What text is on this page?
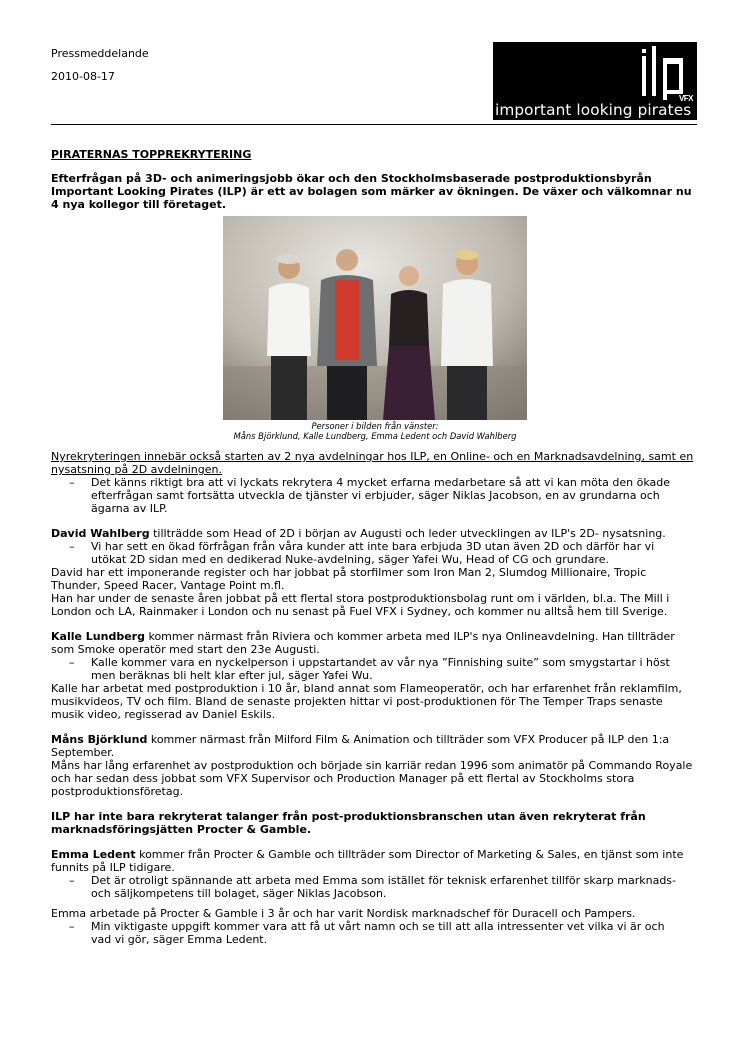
Pressmeddelande
2010-08-17
VFX
important looking pirates

PIRATERNAS TOPPREKRYTERING

Efterfrågan på 3D- och animeringsjobb ökar och den Stockholmsbaserade postproduktionsbyrån Important Looking Pirates (ILP) är ett av bolagen som märker av ökningen. De växer och välkomnar nu 4 nya kollegor till företaget.

Personer i bilden från vänster:
Måns Björklund, Kalle Lundberg, Emma Ledent och David Wahlberg

Nyrekryteringen innebär också starten av 2 nya avdelningar hos ILP, en Online- och en Marknadsavdelning, samt en nysatsning på 2D avdelningen.

–	Det känns riktigt bra att vi lyckats rekrytera 4 mycket erfarna medarbetare så att vi kan möta den ökade efterfrågan samt fortsätta utveckla de tjänster vi erbjuder, säger Niklas Jacobson, en av grundarna och ägarna av ILP.

David Wahlberg tillträdde som Head of 2D i början av Augusti och leder utvecklingen av ILP's 2D- nysatsning.

–	Vi har sett en ökad förfrågan från våra kunder att inte bara erbjuda 3D utan även 2D och därför har vi utökat 2D sidan med en dedikerad Nuke-avdelning, säger Yafei Wu, Head of CG och grundare.

David har ett imponerande register och har jobbat på storfilmer som Iron Man 2, Slumdog Millionaire, Tropic Thunder, Speed Racer, Vantage Point m.fl.

Han har under de senaste åren jobbat på ett flertal stora postproduktionsbolag runt om i världen, bl.a. The Mill i London och LA, Rainmaker i London och nu senast på Fuel VFX i Sydney, och kommer nu alltså hem till Sverige.

Kalle Lundberg kommer närmast från Riviera och kommer arbeta med ILP's nya Onlineavdelning. Han tillträder som Smoke operatör med start den 23e Augusti.

–	Kalle kommer vara en nyckelperson i uppstartandet av vår nya ”Finnishing suite” som smygstartar i höst men beräknas bli helt klar efter jul, säger Yafei Wu.

Kalle har arbetat med postproduktion i 10 år, bland annat som Flameoperatör, och har erfarenhet från reklamfilm, musikvideos, TV och film. Bland de senaste projekten hittar vi post-produktionen för The Temper Traps senaste musik video, regisserad av Daniel Eskils.

Måns Björklund kommer närmast från Milford Film & Animation och tillträder som VFX Producer på ILP den 1:a September.

Måns har lång erfarenhet av postproduktion och började sin karriär redan 1996 som animatör på Commando Royale och har sedan dess jobbat som VFX Supervisor och Production Manager på ett flertal av Stockholms stora postproduktionsföretag.

ILP har inte bara rekryterat talanger från post-produktionsbranschen utan även rekryterat från marknadsföringsjätten Procter & Gamble.

Emma Ledent kommer från Procter & Gamble och tillträder som Director of Marketing & Sales, en tjänst som inte funnits på ILP tidigare.

–	Det är otroligt spännande att arbeta med Emma som istället för teknisk erfarenhet tillför skarp marknads- och säljkompetens till bolaget, säger Niklas Jacobson.

Emma arbetade på Procter & Gamble i 3 år och har varit Nordisk marknadschef för Duracell och Pampers.

–	Min viktigaste uppgift kommer vara att få ut vårt namn och se till att alla intressenter vet vilka vi är och vad vi gör, säger Emma Ledent.
